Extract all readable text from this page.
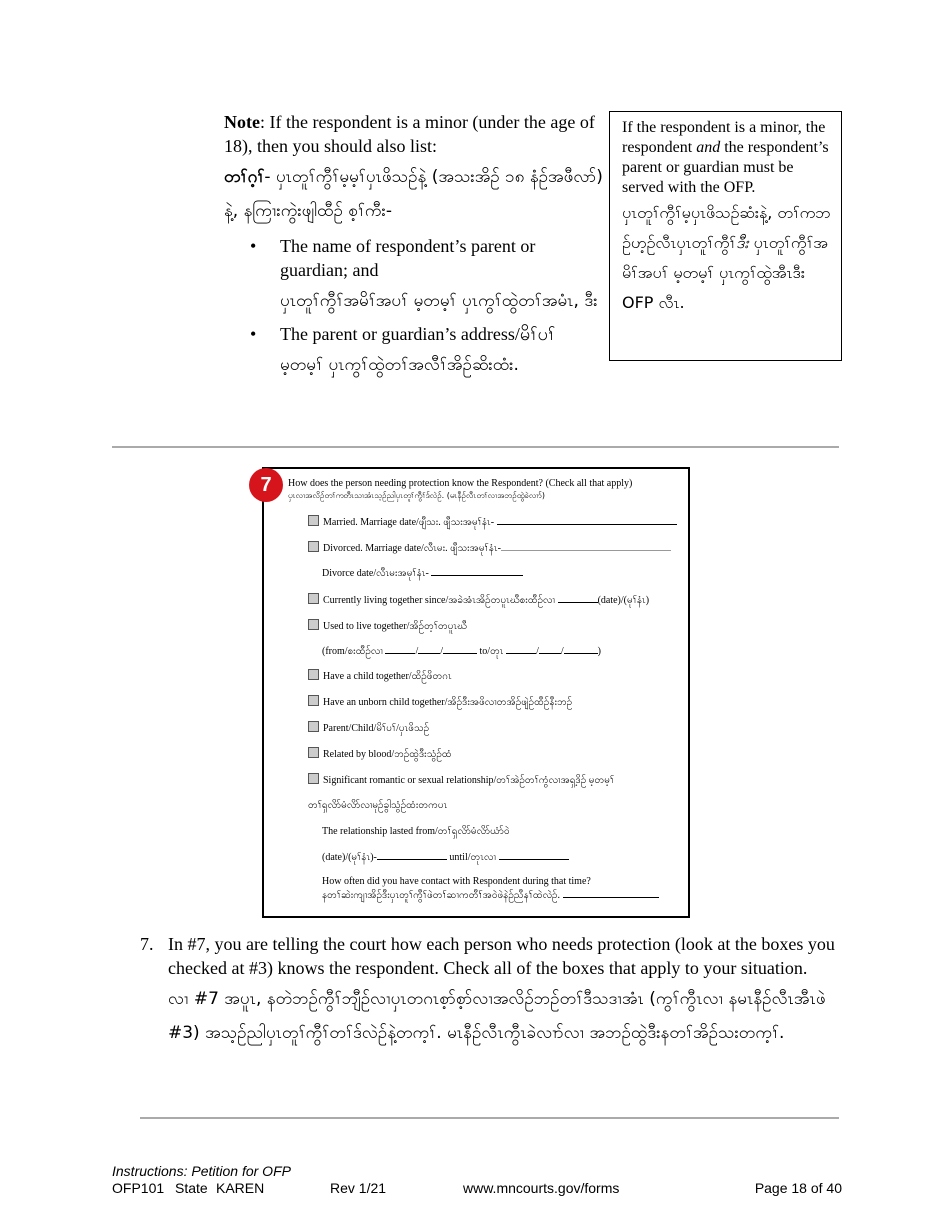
Note: If the respondent is a minor (under the age of 18), then you should also list:
တၢ်ဂ့ၢ်- ပှၤတူၢ်ကွီၢ်မ့မ့ၢ်ပှၤဖိသဉ်နဲ့ (အသးအိဉ် ၁၈ နံဉ်အဖီလာ်) နဲ့, နကြၢးကွဲးဖျါထီဉ် စ့ၢ်ကီး-
• The name of respondent’s parent or guardian; and
ပှၤတူၢ်ကွီၢ်အမိၢ်အပၢ် မ့တမ့ၢ် ပှၤကွၢ်ထွဲတၢ်အမံၤ, ဒီး
• The parent or guardian’s address/မိၢ်ပၢ်
မ့တမ့ၢ် ပှၤကွၢ်ထွဲတၢ်အလီၢ်အိဉ်ဆိးထံး.
If the respondent is a minor, the respondent and the respondent’s parent or guardian must be served with the OFP.
ပှၤတူၢ်ကွီၢ်မ့ပှၤဖိသဉ်ဆံးနဲ့, တၢ်ကဘဉ်ဟ့ဉ်လီၤပှၤတူၢ်ကွီၢ်ဒီး ပှၤတူၢ်ကွီၢ်အမိၢ်အပၢ် မ့တမ့ၢ် ပှၤကွၢ်ထွဲအီၤဒီး OFP လီၤ.
How does the person needing protection know the Respondent? (Check all that apply)
ပှၤလၢအလိဉ်တၢ်ကတီၤသၢအံၤသ့ဉ်ညါပှၤတူၢ်ကွီၢ်ဒ်လဲဉ်. (မၤနီဉ်လီၤတၢ်လၢအဘဉ်ထွဲခဲလၢာ်)
Married. Marriage date/ဖျီသး. ဖျီသးအမုၢ်နံၤ-
Divorced. Marriage date/လီၤမး. ဖျီသးအမုၢ်နံၤ-
Divorce date/လီၤမးအမုၢ်နံၤ-
Currently living together since/အခဲအံၤအိဉ်တပူၤဃီစးထီဉ်လၢ	(date)/(မုၢ်နံၤ)
Used to live together/အိဉ်တ့ၢ်တပူၤဃီ
(from/စးထီဉ်လၢ	/ /	to/တုၤ	/ /	)
Have a child together/ထိဉ်ဖိတဂၤ
Have an unborn child together/အိဉ်ဒီးအဖိလၢတအိဉ်ဖျဲဉ်ထီဉ်နီးဘဉ်
Parent/Child/မိၢ်ပၢ်/ပှၤဖိသဉ်
Related by blood/ဘဉ်ထွဲဒီးသွံဉ်ထံ
Significant romantic or sexual relationship/တၢ်အဲဉ်တၢ်ကွံလၢအရှ့ဒိဉ် မ့တမ့ၢ်
တၢ်ရှလိာ်မံလိာ်လၢမုဉ်ခွါသွံဉ်ထံးတကပၤ
The relationship lasted from/တၢ်ရှလိာ်မံလိာ်ယံာ်ဝဲ
(date)/(မုၢ်နံၤ)-	until/တုၤလၢ
How often did you have contact with Respondent during that time?
နတၢ်ဆဲးကျၢအိဉ်ဒီးပှၤတူၢ်ကွီၢ်ဖဲတၢ်ဆၢကတီၢ်အဝဲဖဲနဲဉ်ညီနၢ်ထဲလဲဉ်.
7
7. In #7, you are telling the court how each person who needs protection (look at the boxes you checked at #3) knows the respondent. Check all of the boxes that apply to your situation.
လၢ #7 အပူၤ, နတဲဘဉ်ကွီၢ်ဘျီဉ်လၢပှၤတဂၤစ့ာ်စ့ာ်လၢအလိဉ်ဘဉ်တၢ်ဒီသဒၢအံၤ (ကွၢ်ကွီၤလၢ နမၤနီဉ်လီၤအီၤဖဲ #3) အသ့ဉ်ညါပှၤတူၢ်ကွီၢ်တၢ်ဒ်လဲဉ်နဲ့တက့ၢ်. မၤနီဉ်လီၤကွီၤခဲလၢာ်လၢ အဘဉ်ထွဲဒီးနတၢ်အိဉ်သးတက့ၢ်.
Instructions: Petition for OFP
OFP101 State KAREN	Rev 1/21	www.mncourts.gov/forms	Page 18 of 40
